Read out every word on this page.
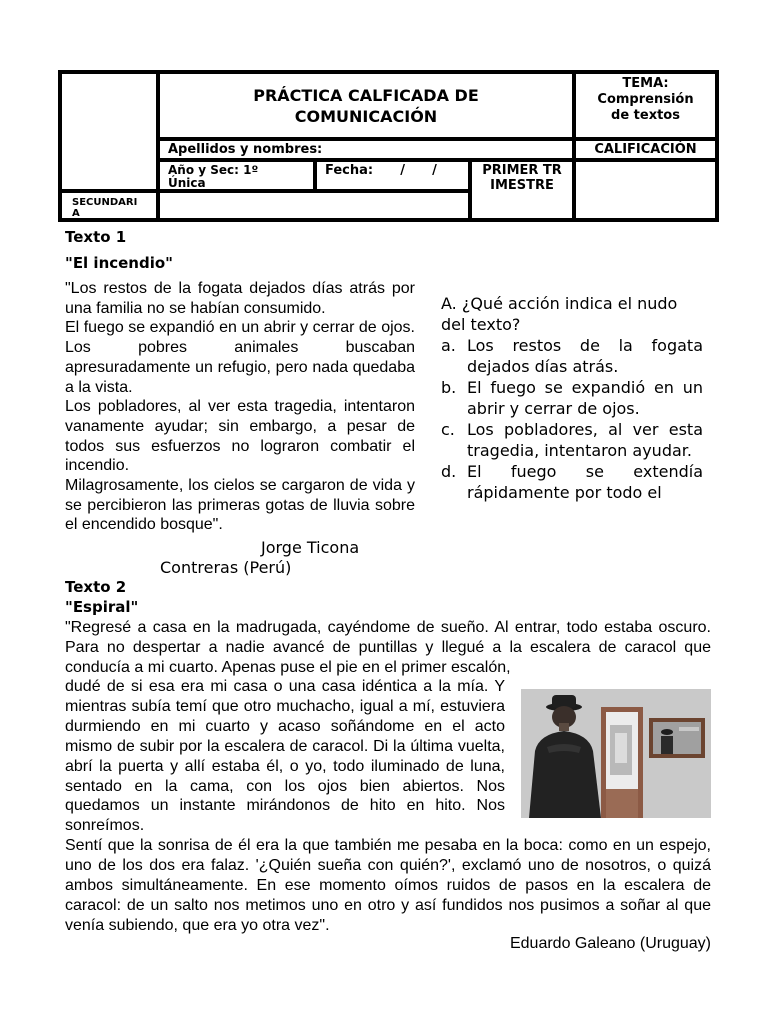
PRÁCTICA CALFICADA DE COMUNICACIÓN
TEMA: Comprensión de textos
Apellidos y nombres:	CALIFICACIÓN
Año y Sec: 1º Única
Fecha:      /      /	PRIMER TRIMESTRE
SECUNDARIA
Texto 1
"El incendio"

"Los restos de la fogata dejados días atrás por una familia no se habían consumido.

El fuego se expandió en un abrir y cerrar de ojos. Los pobres animales buscaban apresuradamente un refugio, pero nada quedaba a la vista.

Los pobladores, al ver esta tragedia, intentaron vanamente ayudar; sin embargo, a pesar de todos sus esfuerzos no lograron combatir el incendio.

Milagrosamente, los cielos se cargaron de vida y se percibieron las primeras gotas de lluvia sobre el encendido bosque".

Jorge Ticona
Contreras (Perú)
A. ¿Qué acción indica el nudo del texto?
a. Los restos de la fogata dejados días atrás.
b. El fuego se expandió en un abrir y cerrar de ojos.
c. Los pobladores, al ver esta tragedia, intentaron ayudar.
d. El fuego se extendía rápidamente por todo el
Texto 2
"Espiral"
"Regresé a casa en la madrugada, cayéndome de sueño. Al entrar, todo estaba oscuro. Para no despertar a nadie avancé de puntillas y llegué a la escalera de caracol que conducía a mi cuarto. Apenas puse el pie en el primer escalón,
dudé de si esa era mi casa o una casa idéntica a la mía. Y mientras subía temí que otro muchacho, igual a mí, estuviera durmiendo en mi cuarto y acaso soñándome en el acto mismo de subir por la escalera de caracol. Di la última vuelta, abrí la puerta y allí estaba él, o yo, todo iluminado de luna, sentado en la cama, con los ojos bien abiertos. Nos quedamos un instante mirándonos de hito en hito. Nos sonreímos.
Sentí que la sonrisa de él era la que también me pesaba en la boca: como en un espejo, uno de los dos era falaz. '¿Quién sueña con quién?', exclamó uno de nosotros, o quizá ambos simultáneamente. En ese momento oímos ruidos de pasos en la escalera de caracol: de un salto nos metimos uno en otro y así fundidos nos pusimos a soñar al que venía subiendo, que era yo otra vez".
Eduardo Galeano (Uruguay)
